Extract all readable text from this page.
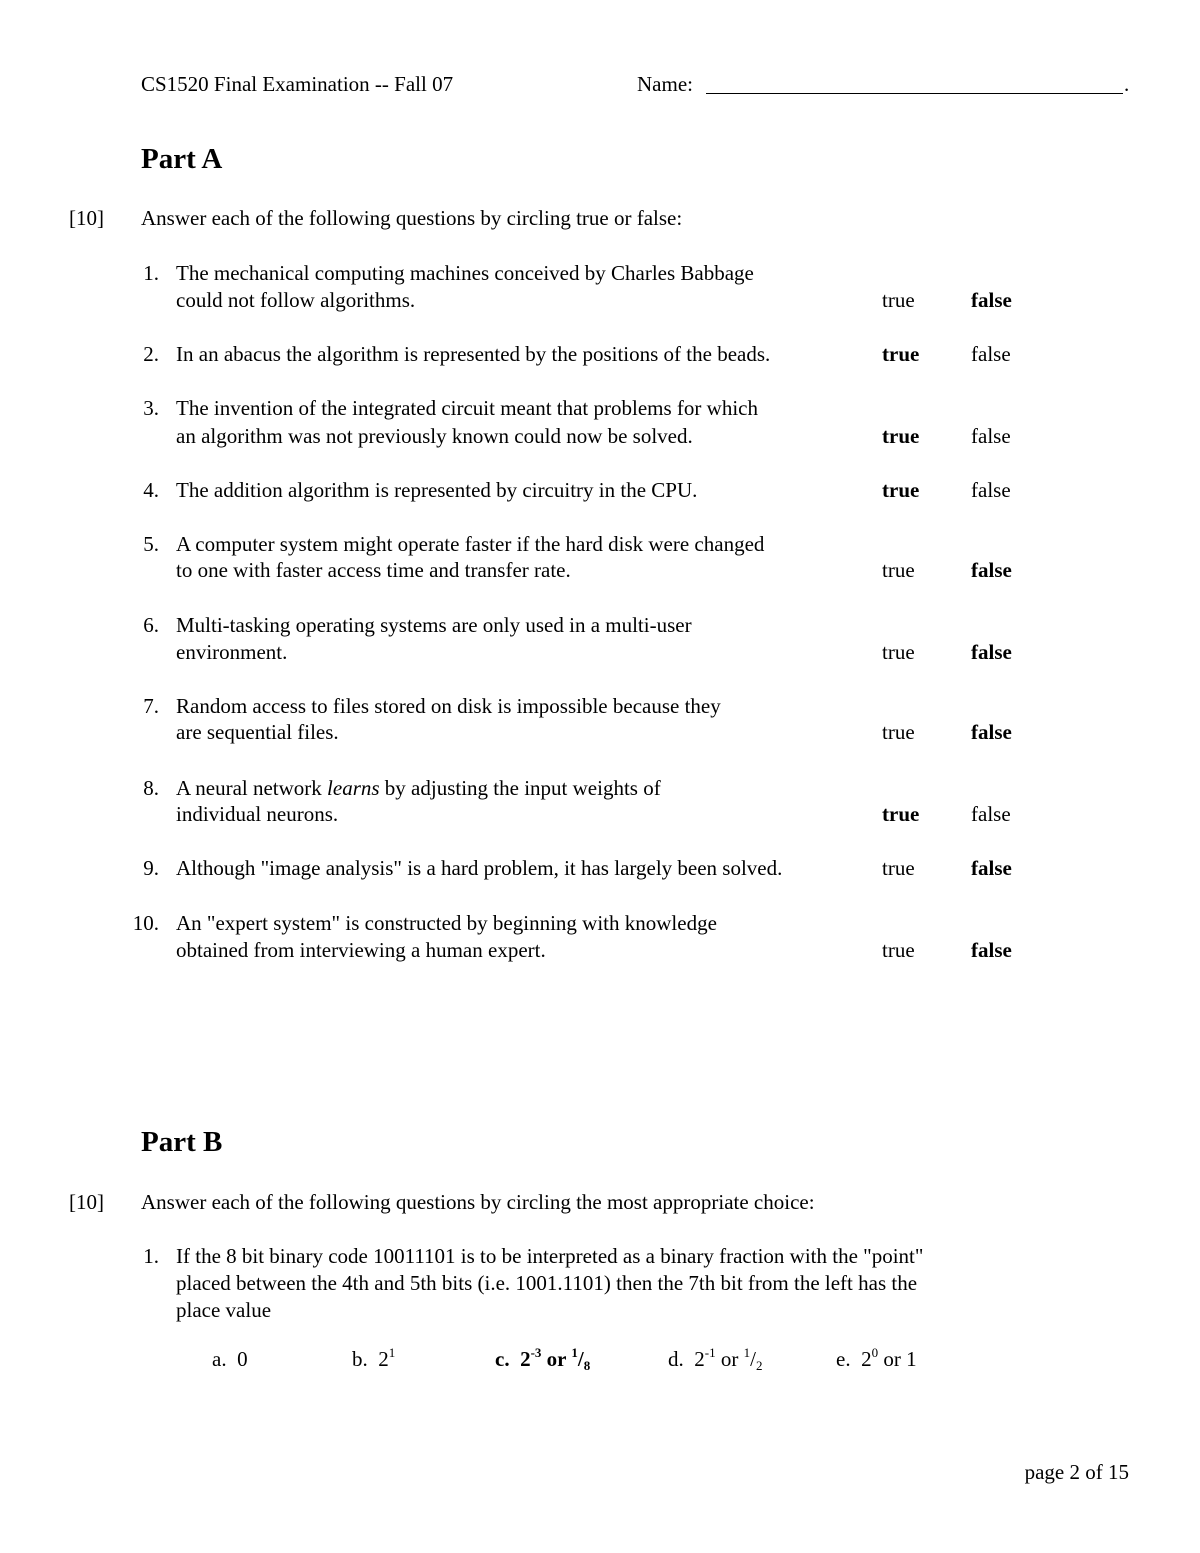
CS1520 Final Examination -- Fall 07	Name:	.
Part A
[10] Answer each of the following questions by circling true or false:
1. The mechanical computing machines conceived by Charles Babbage
could not follow algorithms.	true	false
2. In an abacus the algorithm is represented by the positions of the beads.	true false
3. The invention of the integrated circuit meant that problems for which
an algorithm was not previously known could now be solved.	true false
4. The addition algorithm is represented by circuitry in the CPU.	true false
5. A computer system might operate faster if the hard disk were changed
to one with faster access time and transfer rate.	true	false
6. Multi-tasking operating systems are only used in a multi-user
environment.	true	false
7. Random access to files stored on disk is impossible because they
are sequential files.	true	false
8. A neural network learns by adjusting the input weights of
individual neurons.	true false
9. Although "image analysis" is a hard problem, it has largely been solved.	true	false
10. An "expert system" is constructed by beginning with knowledge
obtained from interviewing a human expert.	true	false
Part B
[10] Answer each of the following questions by circling the most appropriate choice:
1. If the 8 bit binary code 10011101 is to be interpreted as a binary fraction with the "point"
placed between the 4th and 5th bits (i.e. 1001.1101) then the 7th bit from the left has the
place value
a. 0	b. $2^1$	c. $2^{-3}$ or $^1/_8$	d. $2^{-1}$ or $^1/_2$	e. $2^0$ or 1
page 2 of 15
